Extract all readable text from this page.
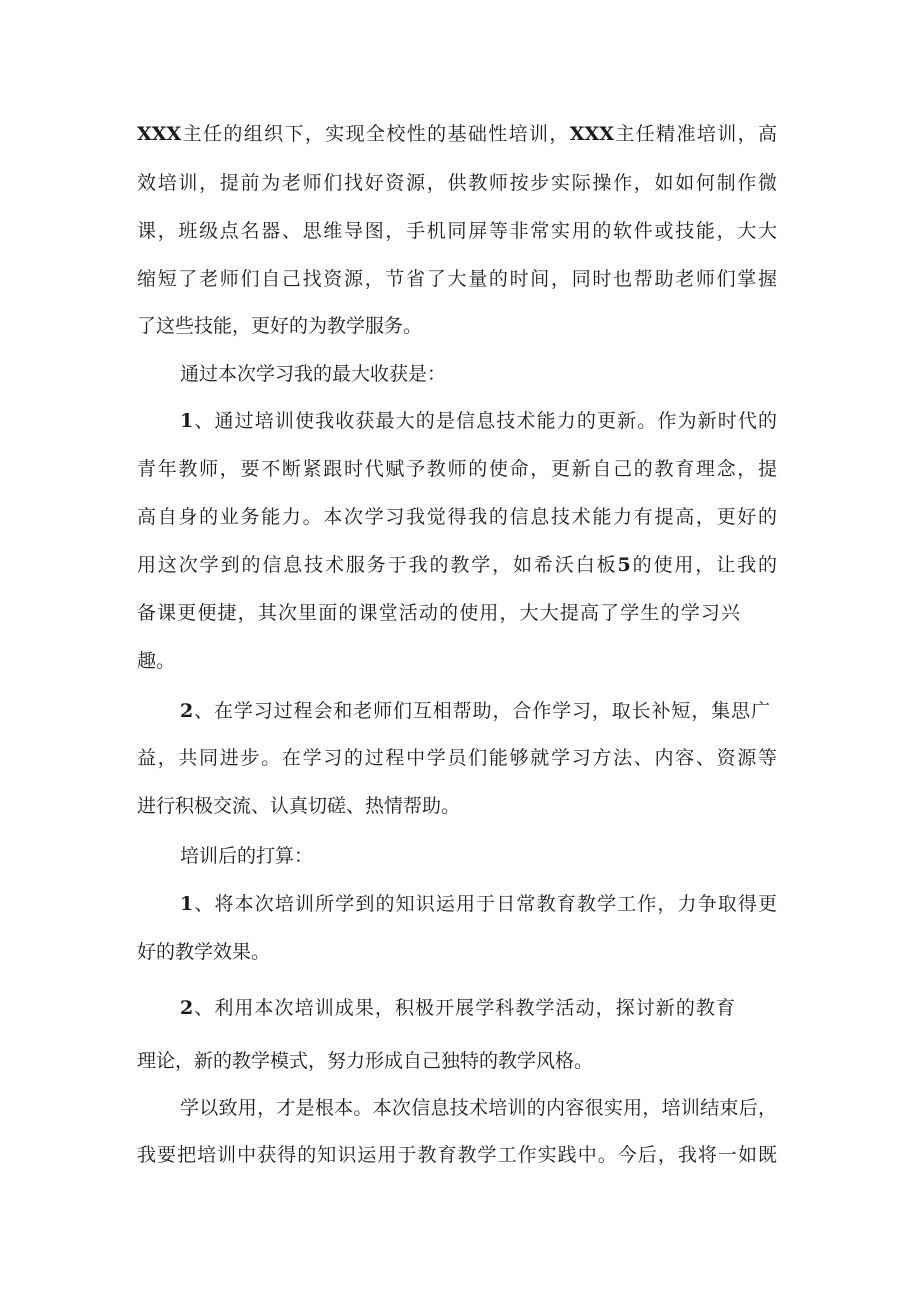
XXX主任的组织下，实现全校性的基础性培训，XXX主任精准培训，高

效培训，提前为老师们找好资源，供教师按步实际操作，如如何制作微

课，班级点名器、思维导图，手机同屏等非常实用的软件或技能，大大

缩短了老师们自己找资源，节省了大量的时间，同时也帮助老师们掌握

了这些技能，更好的为教学服务。

通过本次学习我的最大收获是：

1、通过培训使我收获最大的是信息技术能力的更新。作为新时代的

青年教师，要不断紧跟时代赋予教师的使命，更新自己的教育理念，提

高自身的业务能力。本次学习我觉得我的信息技术能力有提高，更好的

用这次学到的信息技术服务于我的教学，如希沃白板5的使用，让我的

备课更便捷，其次里面的课堂活动的使用，大大提高了学生的学习兴

趣。

2、在学习过程会和老师们互相帮助，合作学习，取长补短，集思广

益，共同进步。在学习的过程中学员们能够就学习方法、内容、资源等

进行积极交流、认真切磋、热情帮助。

培训后的打算：

1、将本次培训所学到的知识运用于日常教育教学工作，力争取得更

好的教学效果。

2、利用本次培训成果，积极开展学科教学活动，探讨新的教育

理论，新的教学模式，努力形成自己独特的教学风格。

学以致用，才是根本。本次信息技术培训的内容很实用，培训结束后，

我要把培训中获得的知识运用于教育教学工作实践中。今后，我将一如既
